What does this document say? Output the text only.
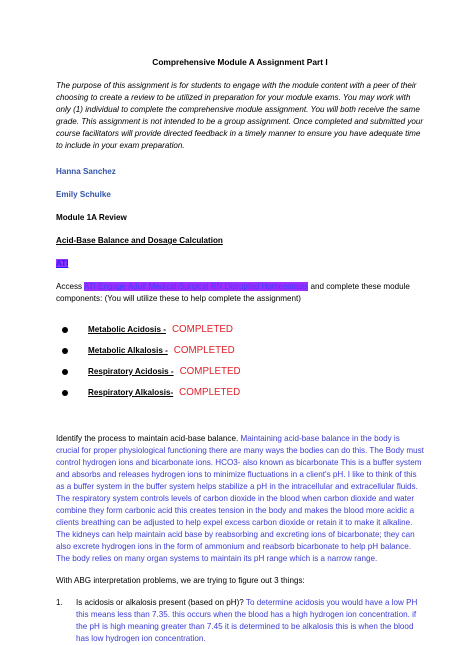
Comprehensive Module A Assignment Part I

The purpose of this assignment is for students to engage with the module content with a peer of their choosing to create a review to be utilized in preparation for your module exams. You may work with only (1) individual to complete the comprehensive module assignment. You will both receive the same grade. This assignment is not intended to be a group assignment. Once completed and submitted your course facilitators will provide directed feedback in a timely manner to ensure you have adequate time to include in your exam preparation.

Hanna Sanchez

Emily Schulke

Module 1A Review

Acid-Base Balance and Dosage Calculation

ATI

Access ATI Engage Adult Medical-Surgical RN Disrupted Homeostasis and complete these module components: (You will utilize these to help complete the assignment)

Metabolic Acidosis - COMPLETED
Metabolic Alkalosis - COMPLETED
Respiratory Acidosis - COMPLETED
Respiratory Alkalosis- COMPLETED

Identify the process to maintain acid-base balance. Maintaining acid-base balance in the body is crucial for proper physiological functioning there are many ways the bodies can do this. The Body must control hydrogen ions and bicarbonate ions. HCO3- also known as bicarbonate This is a buffer system and absorbs and releases hydrogen ions to minimize fluctuations in a client's pH. I like to think of this as a buffer system in the buffer system helps stabilize a pH in the intracellular and extracellular fluids. The respiratory system controls levels of carbon dioxide in the blood when carbon dioxide and water combine they form carbonic acid this creates tension in the body and makes the blood more acidic a clients breathing can be adjusted to help expel excess carbon dioxide or retain it to make it alkaline. The kidneys can help maintain acid base by reabsorbing and excreting ions of bicarbonate; they can also excrete hydrogen ions in the form of ammonium and reabsorb bicarbonate to help pH balance. The body relies on many organ systems to maintain its pH range which is a narrow range.

With ABG interpretation problems, we are trying to figure out 3 things:

1.	Is acidosis or alkalosis present (based on pH)? To determine acidosis you would have a low PH this means less than 7.35. this occurs when the blood has a high hydrogen ion concentration. if the pH is high meaning greater than 7.45 it is determined to be alkalosis this is when the blood has low hydrogen ion concentration.
